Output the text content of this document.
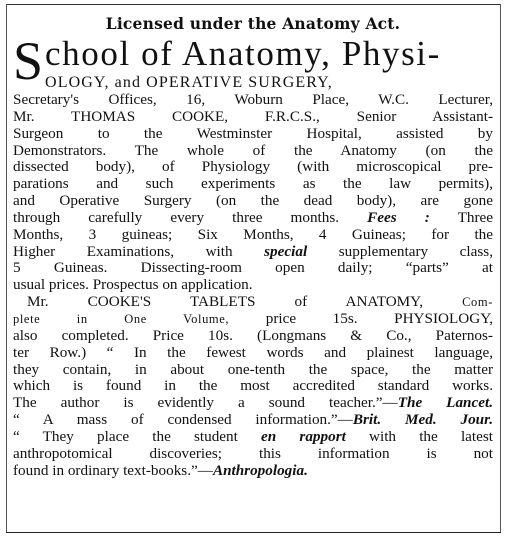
Licensed under the Anatomy Act.
S chool of Anatomy, Physi-
OLOGY, and OPERATIVE SURGERY,
Secretary's Offices, 16, Woburn Place, W.C. Lecturer,
Mr. THOMAS COOKE, F.R.C.S., Senior Assistant-
Surgeon to the Westminster Hospital, assisted by
Demonstrators. The whole of the Anatomy (on the
dissected body), of Physiology (with microscopical pre-
parations and such experiments as the law permits),
and Operative Surgery (on the dead body), are gone
through carefully every three months. Fees : Three
Months, 3 guineas; Six Months, 4 Guineas; for the
Higher Examinations, with special supplementary class,
5 Guineas. Dissecting-room open daily; “parts” at
usual prices. Prospectus on application.
Mr. COOKE'S TABLETS of ANATOMY, Com-
plete in One Volume, price 15s. PHYSIOLOGY,
also completed. Price 10s. (Longmans & Co., Paternos-
ter Row.) “ In the fewest words and plainest language,
they contain, in about one-tenth the space, the matter
which is found in the most accredited standard works.
The author is evidently a sound teacher.”—The Lancet.
“ A mass of condensed information.”—Brit. Med. Jour.
“ They place the student en rapport with the latest
anthropotomical discoveries; this information is not
found in ordinary text-books.”—Anthropologia.
